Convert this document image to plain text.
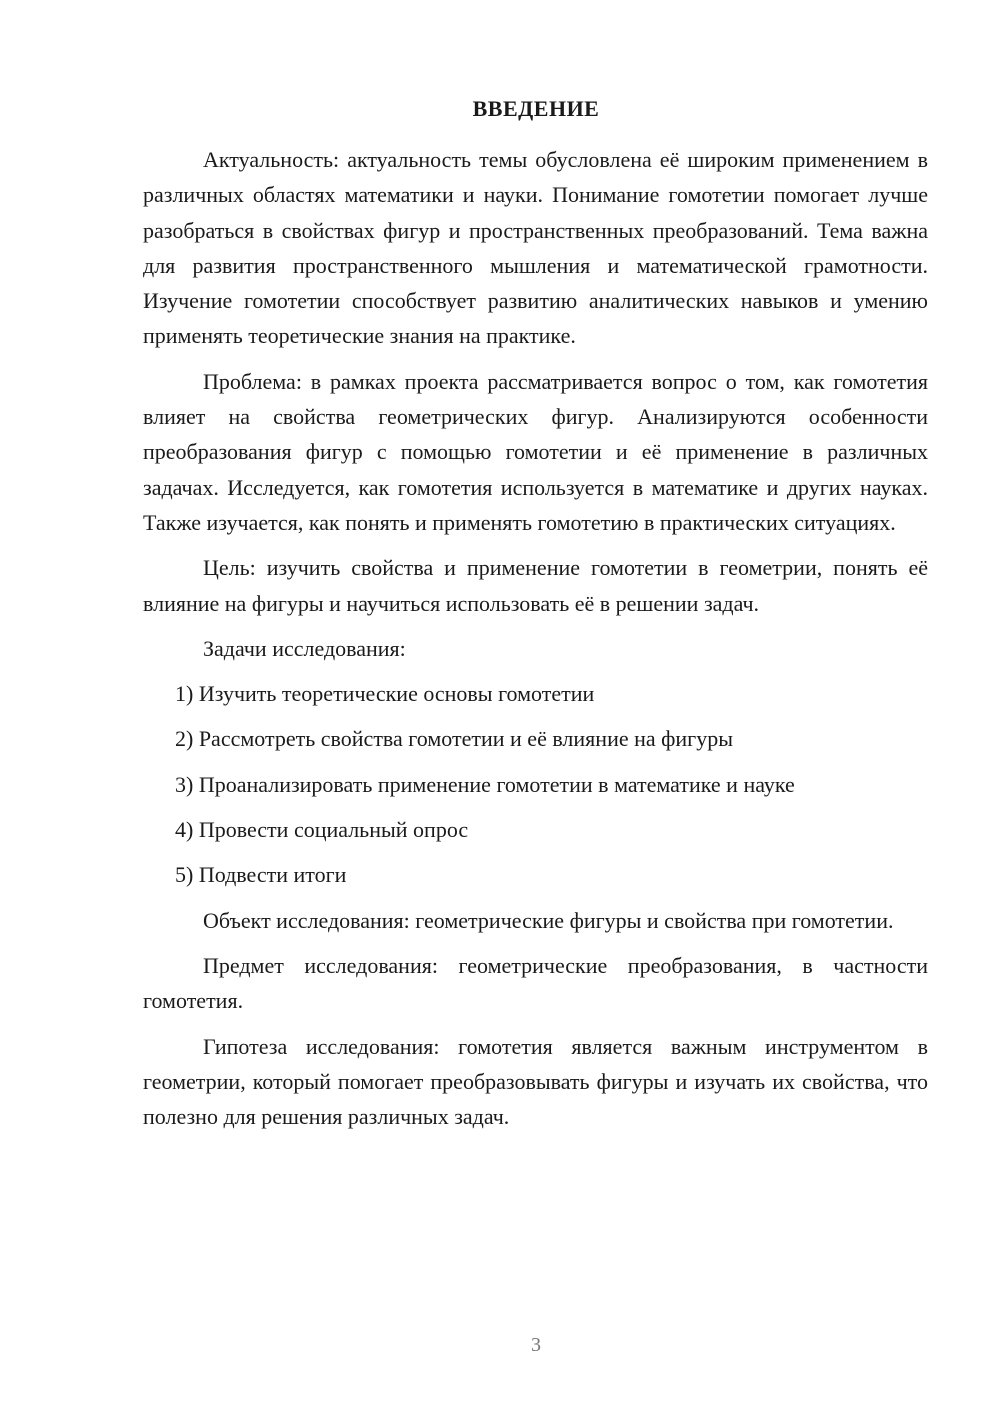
ВВЕДЕНИЕ

Актуальность: актуальность темы обусловлена её широким применением в различных областях математики и науки. Понимание гомотетии помогает лучше разобраться в свойствах фигур и пространственных преобразований. Тема важна для развития пространственного мышления и математической грамотности. Изучение гомотетии способствует развитию аналитических навыков и умению применять теоретические знания на практике.

Проблема: в рамках проекта рассматривается вопрос о том, как гомотетия влияет на свойства геометрических фигур. Анализируются особенности преобразования фигур с помощью гомотетии и её применение в различных задачах. Исследуется, как гомотетия используется в математике и других науках. Также изучается, как понять и применять гомотетию в практических ситуациях.

Цель: изучить свойства и применение гомотетии в геометрии, понять её влияние на фигуры и научиться использовать её в решении задач.

Задачи исследования:

1) Изучить теоретические основы гомотетии
2) Рассмотреть свойства гомотетии и её влияние на фигуры
3) Проанализировать применение гомотетии в математике и науке
4) Провести социальный опрос
5) Подвести итоги

Объект исследования: геометрические фигуры и свойства при гомотетии.

Предмет исследования: геометрические преобразования, в частности гомотетия.

Гипотеза исследования: гомотетия является важным инструментом в геометрии, который помогает преобразовывать фигуры и изучать их свойства, что полезно для решения различных задач.

3
